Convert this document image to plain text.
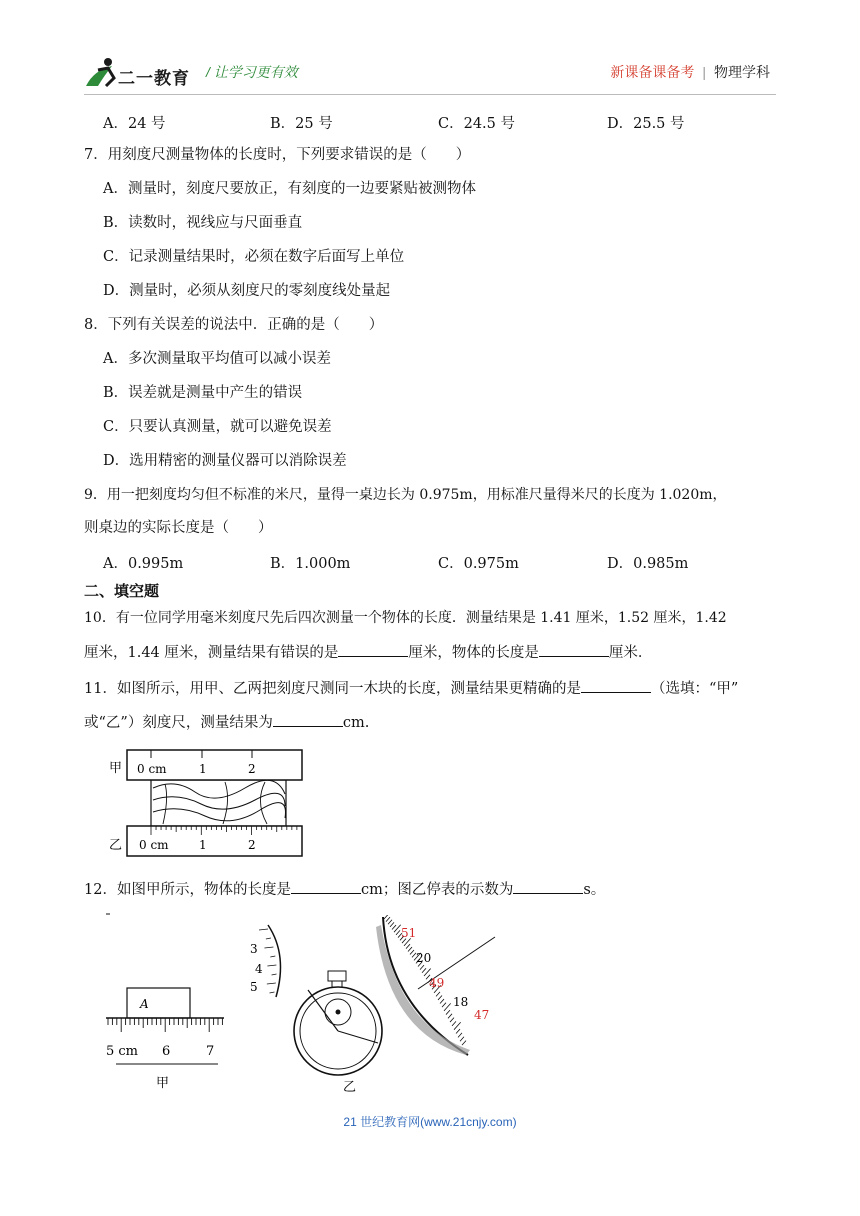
二一教育 / 让学习更有效	新课备课备考 | 物理学科
A．24 号	B．25 号	C．24.5 号	D．25.5 号
7．用刻度尺测量物体的长度时，下列要求错误的是（　　）
A．测量时，刻度尺要放正，有刻度的一边要紧贴被测物体
B．读数时，视线应与尺面垂直
C．记录测量结果时，必须在数字后面写上单位
D．测量时，必须从刻度尺的零刻度线处量起
8．下列有关误差的说法中．正确的是（　　）
A．多次测量取平均值可以减小误差
B．误差就是测量中产生的错误
C．只要认真测量，就可以避免误差
D．选用精密的测量仪器可以消除误差
9．用一把刻度均匀但不标准的米尺，量得一桌边长为 0.975m，用标准尺量得米尺的长度为 1.020m，
则桌边的实际长度是（　　）
A．0.995m	B．1.000m	C．0.975m	D．0.985m
二、填空题
10．有一位同学用毫米刻度尺先后四次测量一个物体的长度．测量结果是 1.41 厘米，1.52 厘米，1.42
厘米，1.44 厘米，测量结果有错误的是	厘米，物体的长度是	厘米．
11．如图所示，用甲、乙两把刻度尺测同一木块的长度，测量结果更精确的是	（选填：“甲”
或“乙”）刻度尺，测量结果为	cm.
甲 0 cm	1	2
乙 0 cm	1	2
12．如图甲所示，物体的长度是	cm；图乙停表的示数为	s。
A
5 cm 6	7
甲
3
4
5
乙
51
20
49
18
47
21 世纪教育网(www.21cnjy.com)
